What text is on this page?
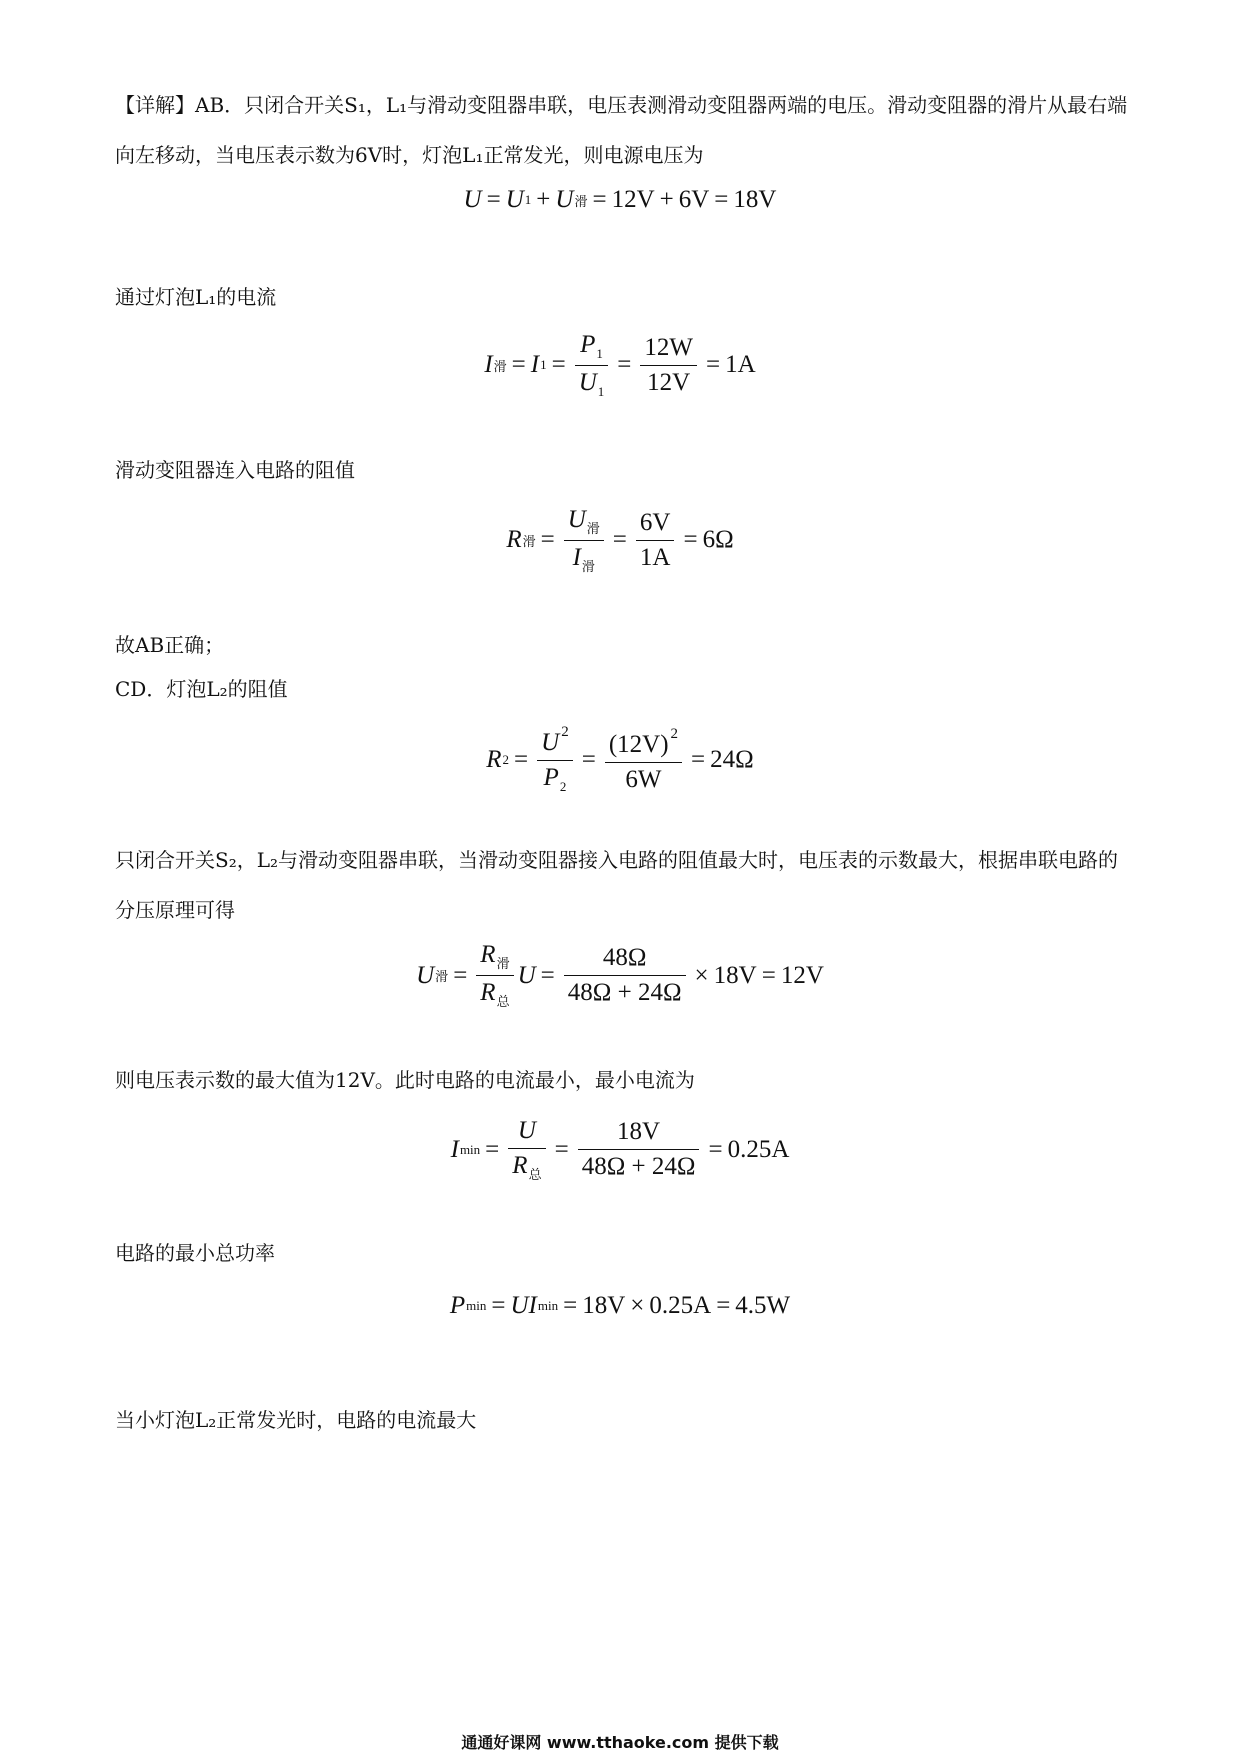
【详解】AB．只闭合开关S₁，L₁与滑动变阻器串联，电压表测滑动变阻器两端的电压。滑动变阻器的滑片从最右端向左移动，当电压表示数为6V时，灯泡L₁正常发光，则电源电压为

U = U 1 + U 滑 = 12V + 6V = 18V

通过灯泡L₁的电流

I 滑 = I $1 = \frac{P_1}{U_1} = \frac{12W}{12V} = 1A$

滑动变阻器连入电路的阻值

R 滑 = $\frac{U_滑}{I_滑} = \frac{6V}{1A} = 6\Omega$

故AB正确；

CD．灯泡L₂的阻值

R $2 = \frac{U ^2}{P_2} = \frac{(12V) ^2}{6W} = 24\Omega$

只闭合开关S₂，L₂与滑动变阻器串联，当滑动变阻器接入电路的阻值最大时，电压表的示数最大，根据串联电路的分压原理可得

U 滑 = $\frac{R_滑}{R_总}$ $U = \frac{48\Omega}{48\Omega + 24\Omega} \times 18V = 12V$

则电压表示数的最大值为12V。此时电路的电流最小，最小电流为

I $\min = \frac{U}{R_总} = \frac{18V}{48\Omega + 24\Omega} = 0.25A$

电路的最小总功率

P min = U I min = 18V × 0.25A = 4.5W

当小灯泡L₂正常发光时，电路的电流最大

通通好课网 www.tthaoke.com 提供下载
